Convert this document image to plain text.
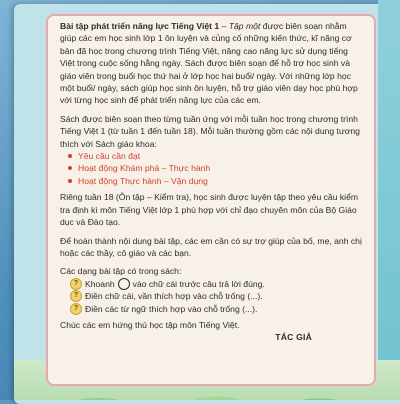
Bài tập phát triển năng lực Tiếng Việt 1 – Tập một được biên soạn nhằm giúp các em học sinh lớp 1 ôn luyện và củng cố những kiến thức, kĩ năng cơ bản đã học trong chương trình Tiếng Việt, nâng cao năng lực sử dụng tiếng Việt trong cuộc sống hằng ngày. Sách được biên soạn để hỗ trợ học sinh và giáo viên trong buổi học thứ hai ở lớp học hai buổi/ ngày. Với những lớp học một buổi/ ngày, sách giúp học sinh ôn luyện, hỗ trợ giáo viên dạy học phù hợp với từng học sinh để phát triển năng lực của các em.

Sách được biên soạn theo từng tuần ứng với mỗi tuần học trong chương trình Tiếng Việt 1 (từ tuần 1 đến tuần 18). Mỗi tuần thường gồm các nội dung tương thích với Sách giáo khoa:

Yêu cầu cần đạt
Hoạt động Khám phá – Thực hành
Hoạt động Thực hành – Vận dụng

Riêng tuần 18 (Ôn tập – Kiểm tra), học sinh được luyện tập theo yêu cầu kiểm tra định kì môn Tiếng Việt lớp 1 phù hợp với chỉ đạo chuyên môn của Bộ Giáo dục và Đào tạo.

Để hoàn thành nội dung bài tập, các em cần có sự trợ giúp của bố, mẹ, anh chị hoặc các thầy, cô giáo và các bạn.

Các dạng bài tập có trong sách:

? Khoanh vào chữ cái trước câu trả lời đúng.
? Điền chữ cái, vần thích hợp vào chỗ trống (...).
? Điền các từ ngữ thích hợp vào chỗ trống (...).

Chúc các em hứng thú học tập môn Tiếng Việt.

TÁC GIẢ
